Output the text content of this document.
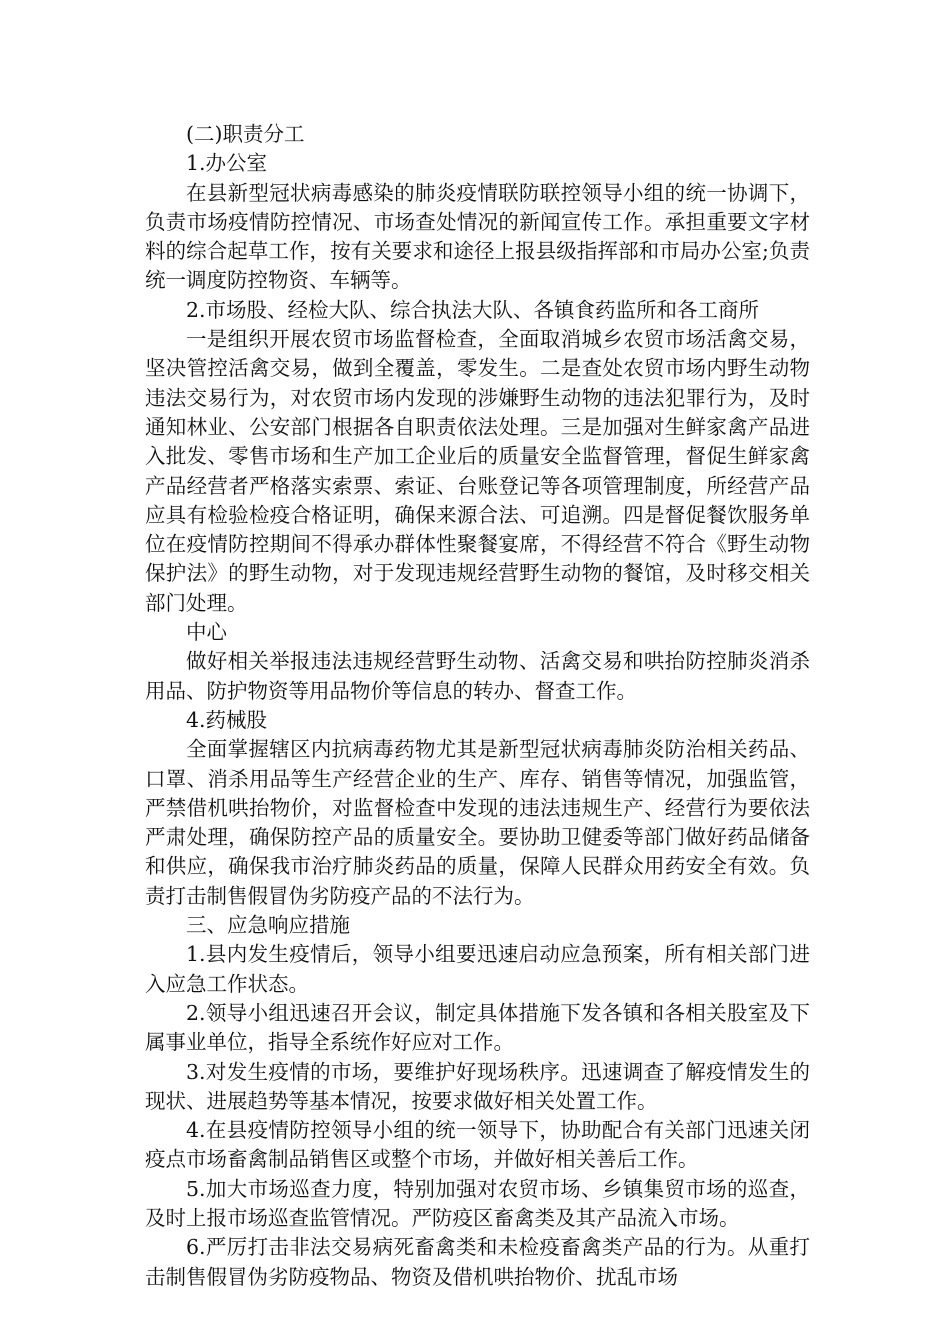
(二)职责分工

1.办公室

在县新型冠状病毒感染的肺炎疫情联防联控领导小组的统一协调下，负责市场疫情防控情况、市场查处情况的新闻宣传工作。承担重要文字材料的综合起草工作，按有关要求和途径上报县级指挥部和市局办公室;负责统一调度防控物资、车辆等。

2.市场股、经检大队、综合执法大队、各镇食药监所和各工商所

一是组织开展农贸市场监督检查，全面取消城乡农贸市场活禽交易，坚决管控活禽交易，做到全覆盖，零发生。二是查处农贸市场内野生动物违法交易行为，对农贸市场内发现的涉嫌野生动物的违法犯罪行为，及时通知林业、公安部门根据各自职责依法处理。三是加强对生鲜家禽产品进入批发、零售市场和生产加工企业后的质量安全监督管理，督促生鲜家禽产品经营者严格落实索票、索证、台账登记等各项管理制度，所经营产品应具有检验检疫合格证明，确保来源合法、可追溯。四是督促餐饮服务单位在疫情防控期间不得承办群体性聚餐宴席，不得经营不符合《野生动物保护法》的野生动物，对于发现违规经营野生动物的餐馆，及时移交相关部门处理。

中心

做好相关举报违法违规经营野生动物、活禽交易和哄抬防控肺炎消杀用品、防护物资等用品物价等信息的转办、督查工作。

4.药械股

全面掌握辖区内抗病毒药物尤其是新型冠状病毒肺炎防治相关药品、口罩、消杀用品等生产经营企业的生产、库存、销售等情况，加强监管，严禁借机哄抬物价，对监督检查中发现的违法违规生产、经营行为要依法严肃处理，确保防控产品的质量安全。要协助卫健委等部门做好药品储备和供应，确保我市治疗肺炎药品的质量，保障人民群众用药安全有效。负责打击制售假冒伪劣防疫产品的不法行为。

三、应急响应措施

1.县内发生疫情后，领导小组要迅速启动应急预案，所有相关部门进入应急工作状态。

2.领导小组迅速召开会议，制定具体措施下发各镇和各相关股室及下属事业单位，指导全系统作好应对工作。

3.对发生疫情的市场，要维护好现场秩序。迅速调查了解疫情发生的现状、进展趋势等基本情况，按要求做好相关处置工作。

4.在县疫情防控领导小组的统一领导下，协助配合有关部门迅速关闭疫点市场畜禽制品销售区或整个市场，并做好相关善后工作。

5.加大市场巡查力度，特别加强对农贸市场、乡镇集贸市场的巡查，及时上报市场巡查监管情况。严防疫区畜禽类及其产品流入市场。

6.严厉打击非法交易病死畜禽类和未检疫畜禽类产品的行为。从重打击制售假冒伪劣防疫物品、物资及借机哄抬物价、扰乱市场
